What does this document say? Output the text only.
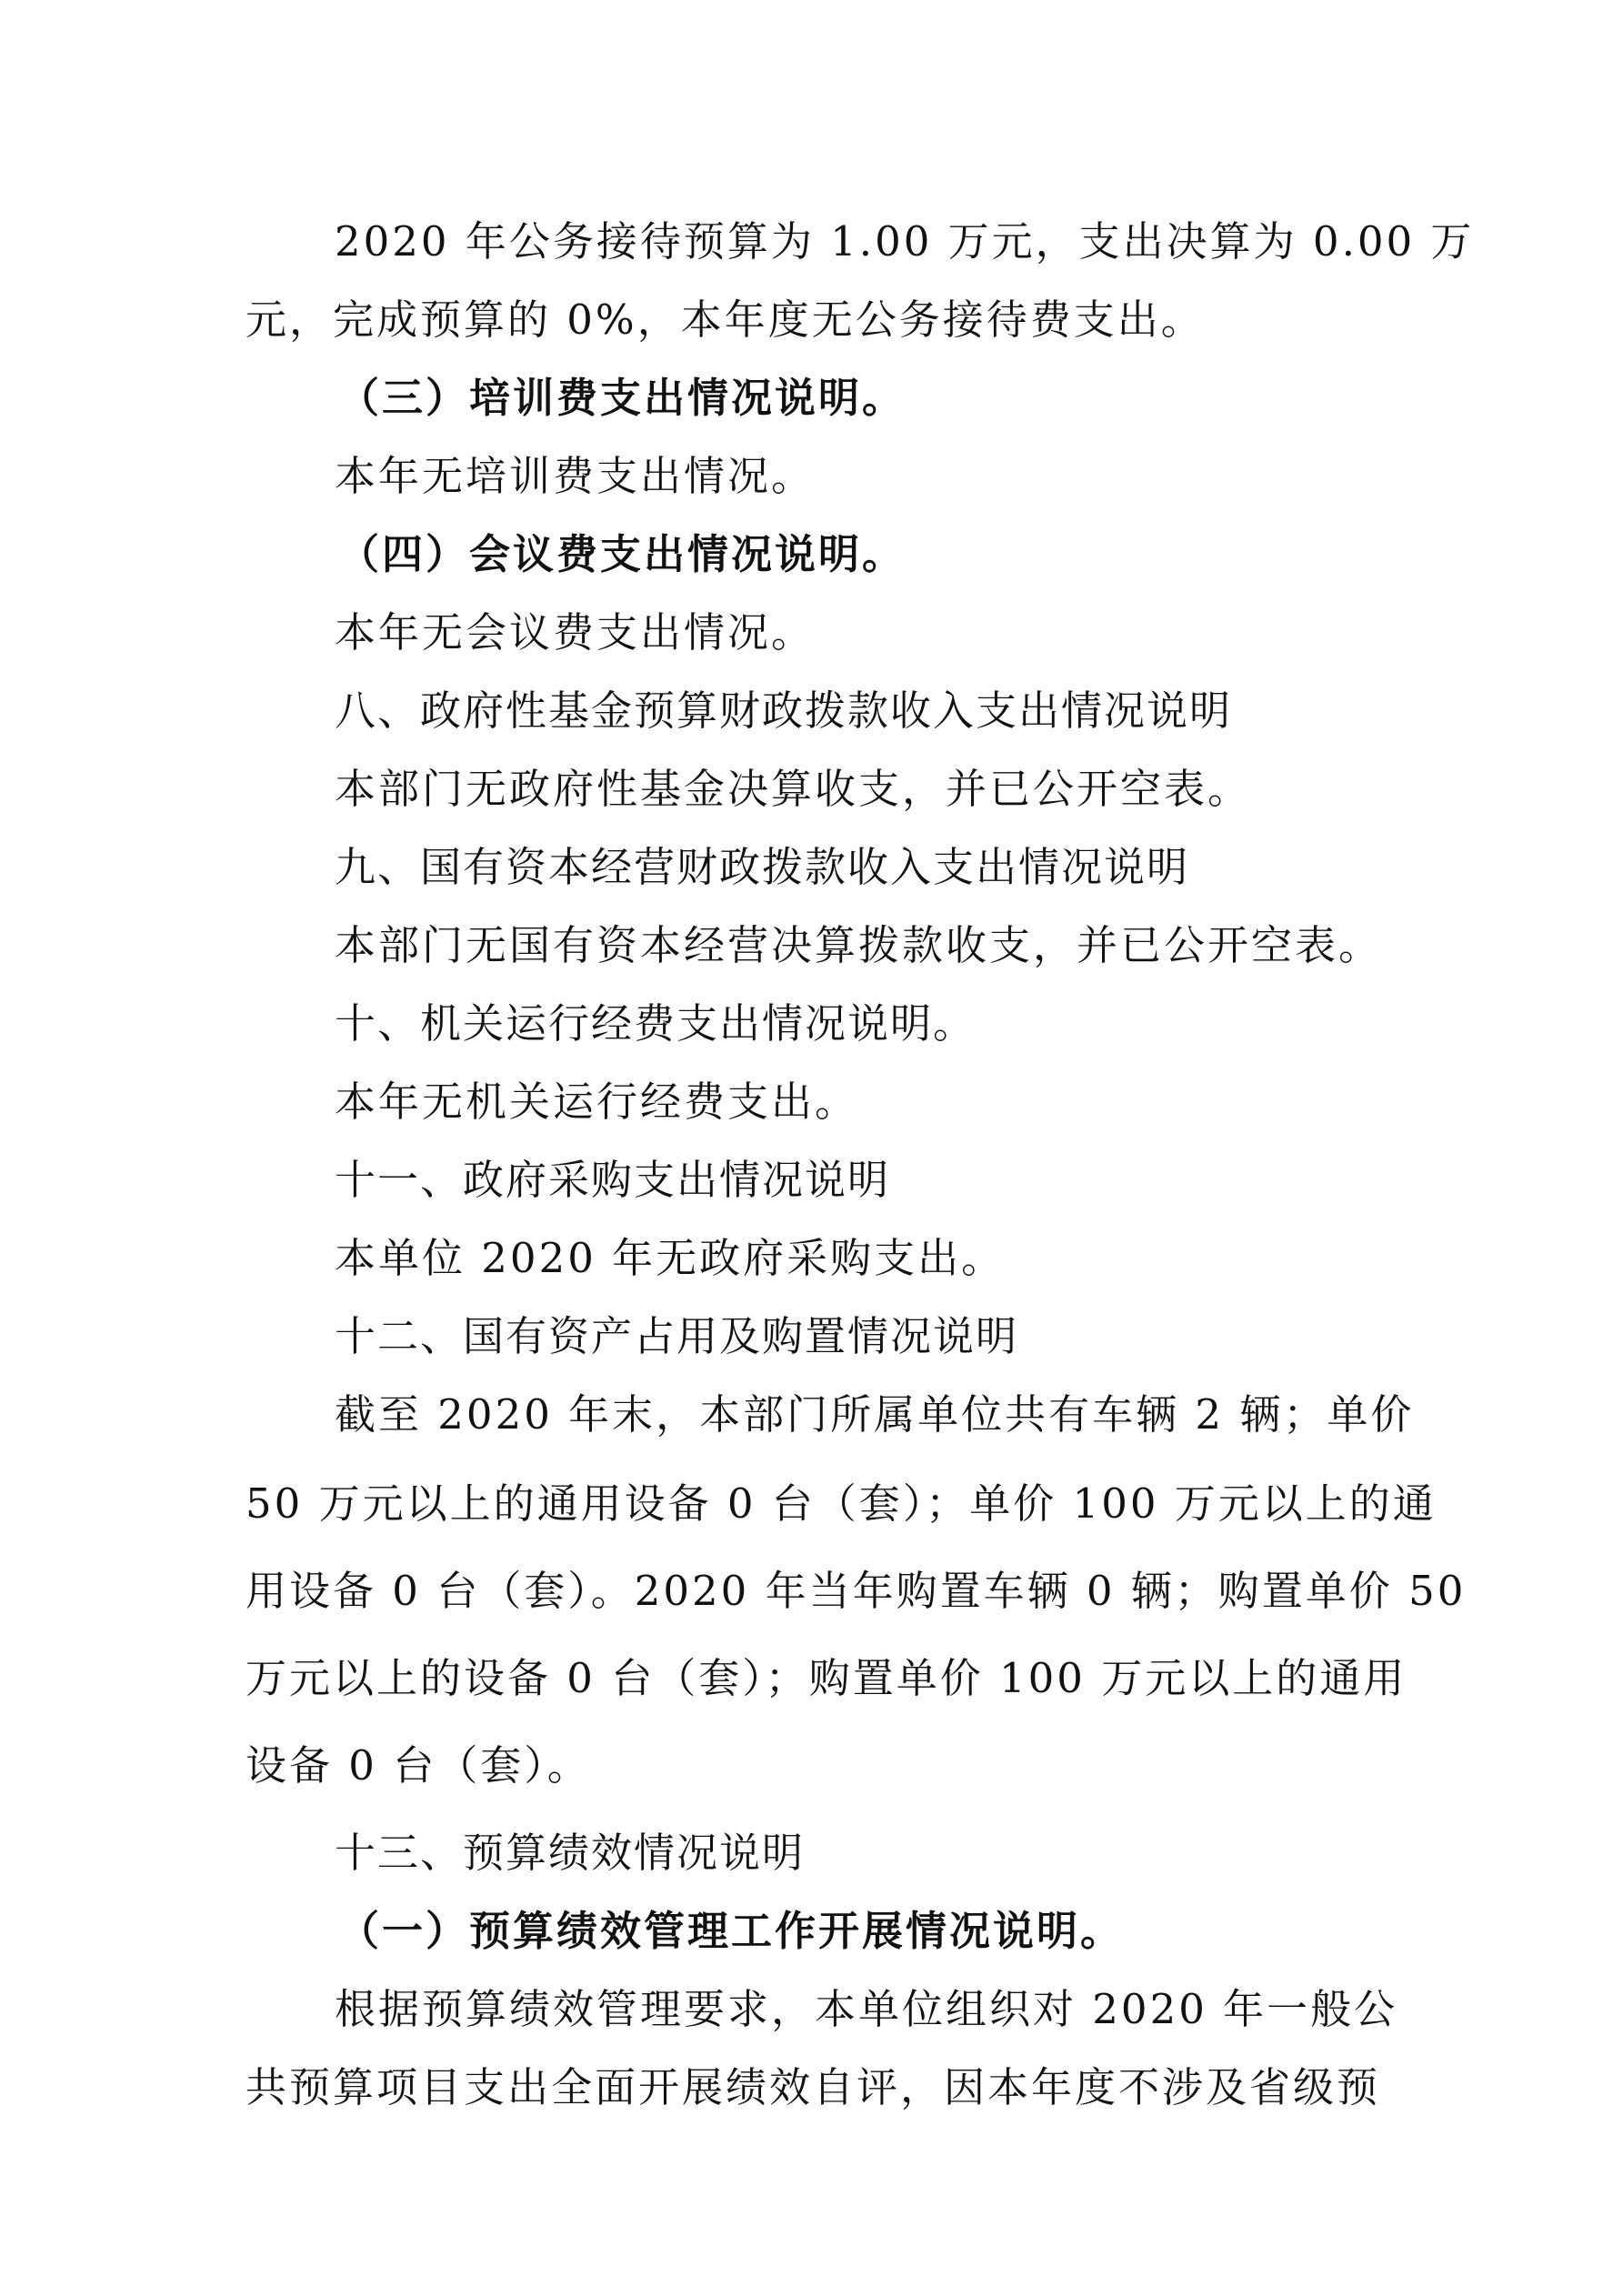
2020 年公务接待预算为 1.00 万元，支出决算为 0.00 万
元，完成预算的 0%，本年度无公务接待费支出。
（三）培训费支出情况说明。
本年无培训费支出情况。
（四）会议费支出情况说明。
本年无会议费支出情况。
八、政府性基金预算财政拨款收入支出情况说明
本部门无政府性基金决算收支，并已公开空表。
九、国有资本经营财政拨款收入支出情况说明
本部门无国有资本经营决算拨款收支，并已公开空表。
十、机关运行经费支出情况说明。
本年无机关运行经费支出。
十一、政府采购支出情况说明
本单位 2020 年无政府采购支出。
十二、国有资产占用及购置情况说明
截至 2020 年末，本部门所属单位共有车辆 2 辆；单价
50 万元以上的通用设备 0 台（套）；单价 100 万元以上的通
用设备 0 台（套）。2020 年当年购置车辆 0 辆；购置单价 50
万元以上的设备 0 台（套）；购置单价 100 万元以上的通用
设备 0 台（套）。
十三、预算绩效情况说明
（一）预算绩效管理工作开展情况说明。
根据预算绩效管理要求，本单位组织对 2020 年一般公
共预算项目支出全面开展绩效自评，因本年度不涉及省级预
